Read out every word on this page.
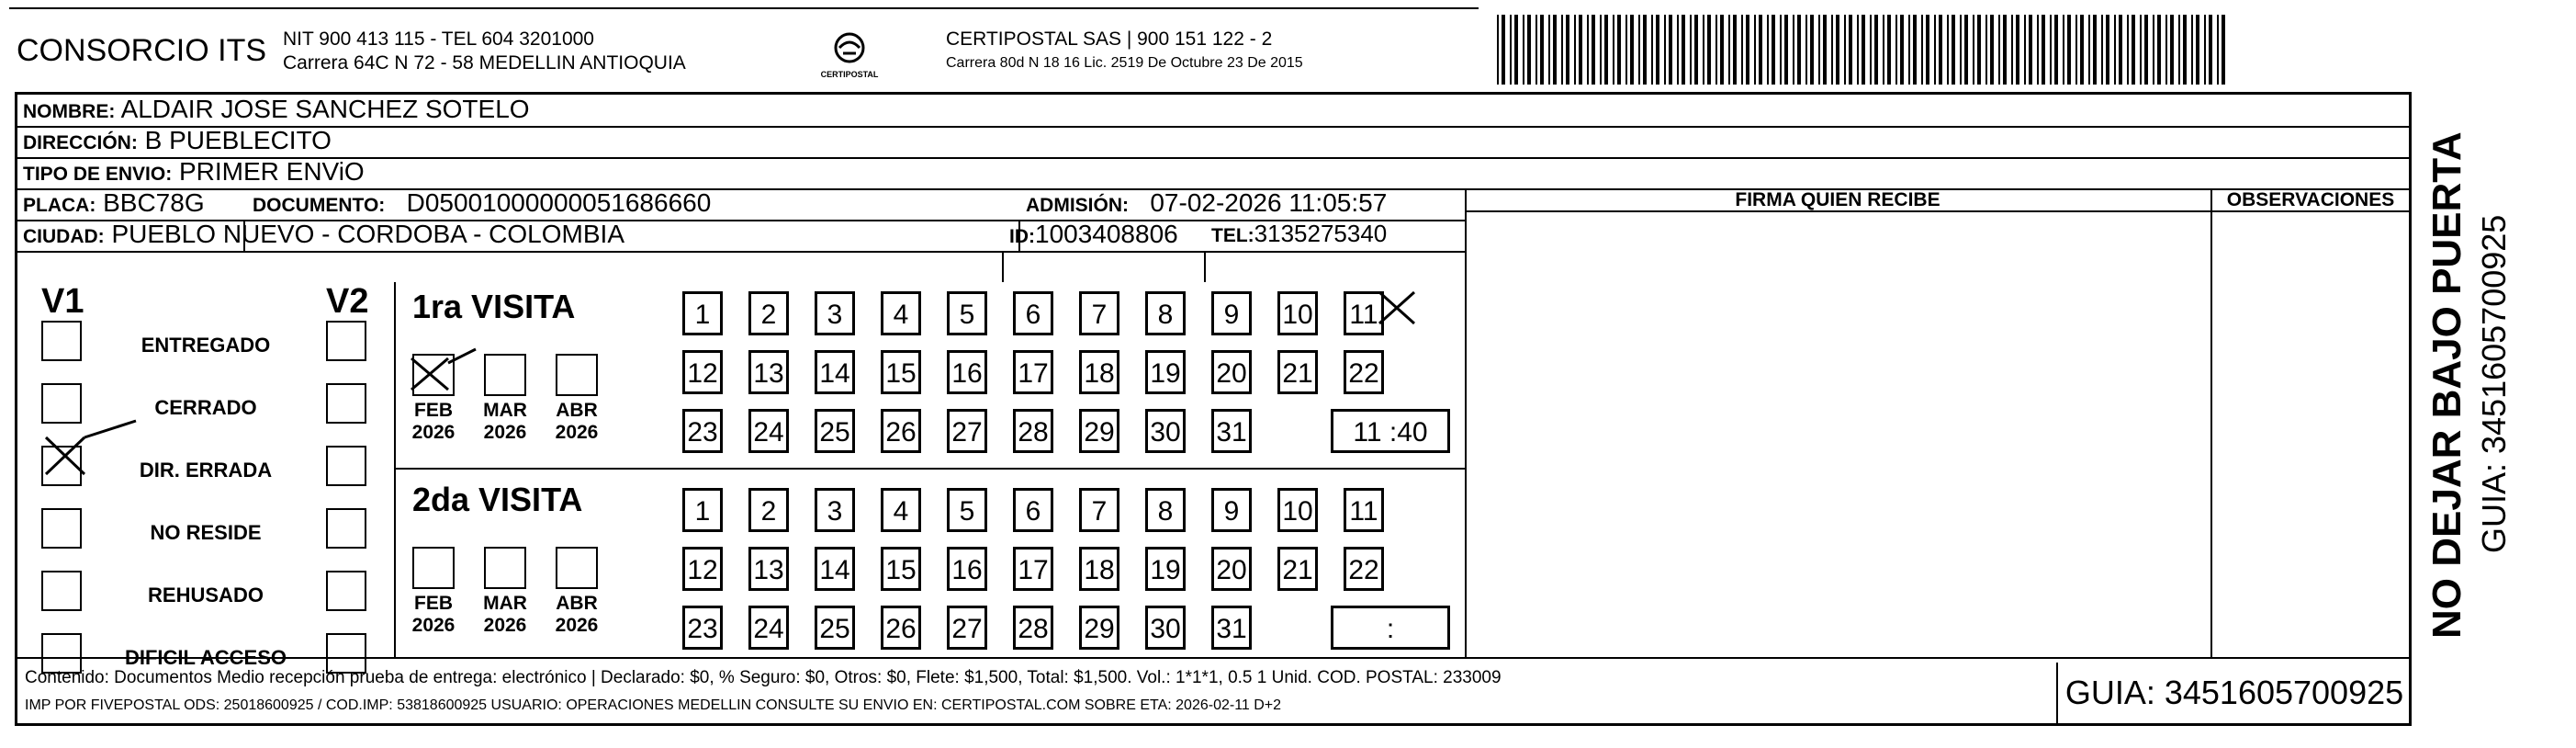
CONSORCIO ITS NIT 900 413 115 - TEL 604 3201000
Carrera 64C N 72 - 58 MEDELLIN ANTIOQUIA
CERTIPOSTAL
CERTIPOSTAL SAS | 900 151 122 - 2
Carrera 80d N 18 16 Lic. 2519 De Octubre 23 De 2015
NOMBRE: ALDAIR JOSE SANCHEZ SOTELO
DIRECCIÓN: B PUEBLECITO
TIPO DE ENVIO: PRIMER ENViO
PLACA: BBC78G DOCUMENTO: D05001000000051686660	ADMISIÓN: 07-02-2026 11:05:57
CIUDAD: PUEBLO NUEVO - CORDOBA - COLOMBIA	ID:1003408806 TEL:3135275340
FIRMA QUIEN RECIBE	OBSERVACIONES
V1	V2
ENTREGADO
CERRADO
DIR. ERRADA
NO RESIDE
REHUSADO
DIFICIL ACCESO
1ra VISITA
FEB
2026
MAR
2026
ABR
2026
1	2	3	4	5	6	7	8	9	10 11
12 13 14 15 16 17 18 19 20 21 22
23 24 25 26 27 28 29 30 31	11 :40
2da VISITA
FEB
2026
MAR
2026
ABR
2026
1	2	3	4	5	6	7	8	9	10 11
12 13 14 15 16 17 18 19 20 21 22
23 24 25 26 27 28 29 30 31	:
Contenido: Documentos Medio recepción prueba de entrega: electrónico | Declarado: $0, % Seguro: $0, Otros: $0, Flete: $1,500, Total: $1,500. Vol.: 1*1*1, 0.5 1 Unid. COD. POSTAL: 233009
IMP POR FIVEPOSTAL ODS: 25018600925 / COD.IMP: 53818600925 USUARIO: OPERACIONES MEDELLIN CONSULTE SU ENVIO EN: CERTIPOSTAL.COM SOBRE ETA: 2026-02-11 D+2	GUIA: 3451605700925
NO DEJAR BAJO PUERTA GUIA: 3451605700925
